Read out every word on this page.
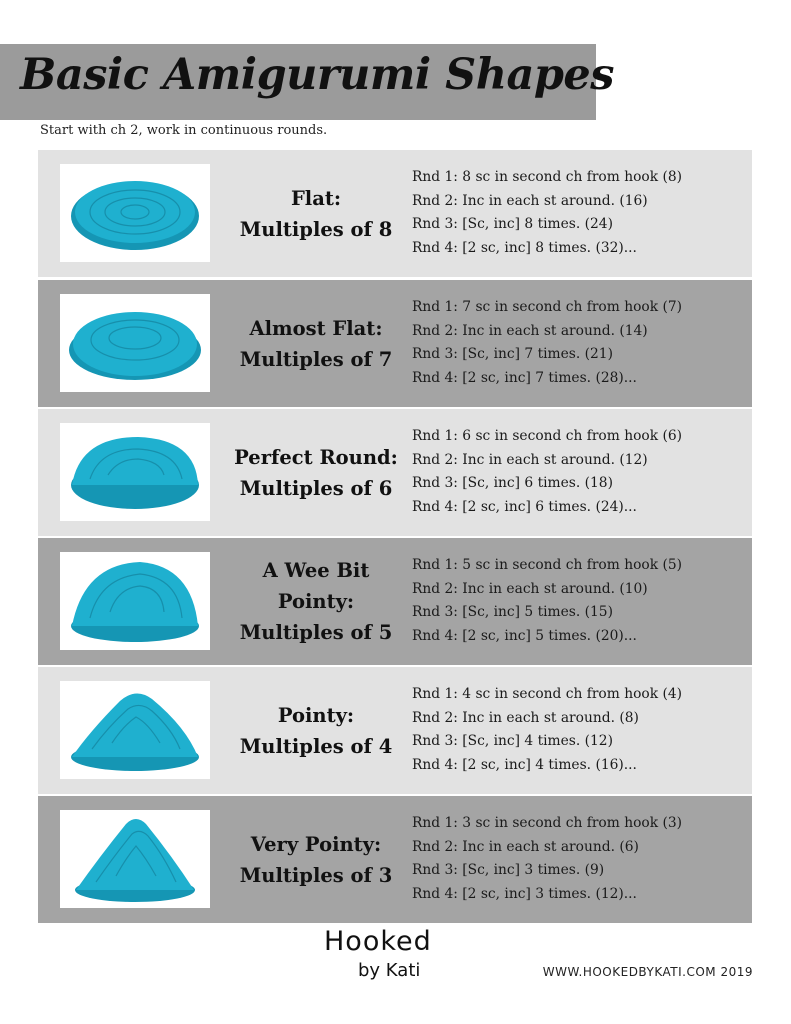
Basic Amigurumi Shapes
Start with ch 2, work in continuous rounds.
Flat:
Multiples of 8
Rnd 1: 8 sc in second ch from hook (8)
Rnd 2: Inc in each st around. (16)
Rnd 3: [Sc, inc] 8 times. (24)
Rnd 4: [2 sc, inc] 8 times. (32)...
Almost Flat:
Multiples of 7
Rnd 1: 7 sc in second ch from hook (7)
Rnd 2: Inc in each st around. (14)
Rnd 3: [Sc, inc] 7 times. (21)
Rnd 4: [2 sc, inc] 7 times. (28)...
Perfect Round:
Multiples of 6
Rnd 1: 6 sc in second ch from hook (6)
Rnd 2: Inc in each st around. (12)
Rnd 3: [Sc, inc] 6 times. (18)
Rnd 4: [2 sc, inc] 6 times. (24)...
A Wee Bit
Pointy:
Multiples of 5
Rnd 1: 5 sc in second ch from hook (5)
Rnd 2: Inc in each st around. (10)
Rnd 3: [Sc, inc] 5 times. (15)
Rnd 4: [2 sc, inc] 5 times. (20)...
Pointy:
Multiples of 4
Rnd 1: 4 sc in second ch from hook (4)
Rnd 2: Inc in each st around. (8)
Rnd 3: [Sc, inc] 4 times. (12)
Rnd 4: [2 sc, inc] 4 times. (16)...
Very Pointy:
Multiples of 3
Rnd 1: 3 sc in second ch from hook (3)
Rnd 2: Inc in each st around. (6)
Rnd 3: [Sc, inc] 3 times. (9)
Rnd 4: [2 sc, inc] 3 times. (12)...
Hooked
by Kati	WWW.HOOKEDBYKATI.COM 2019
